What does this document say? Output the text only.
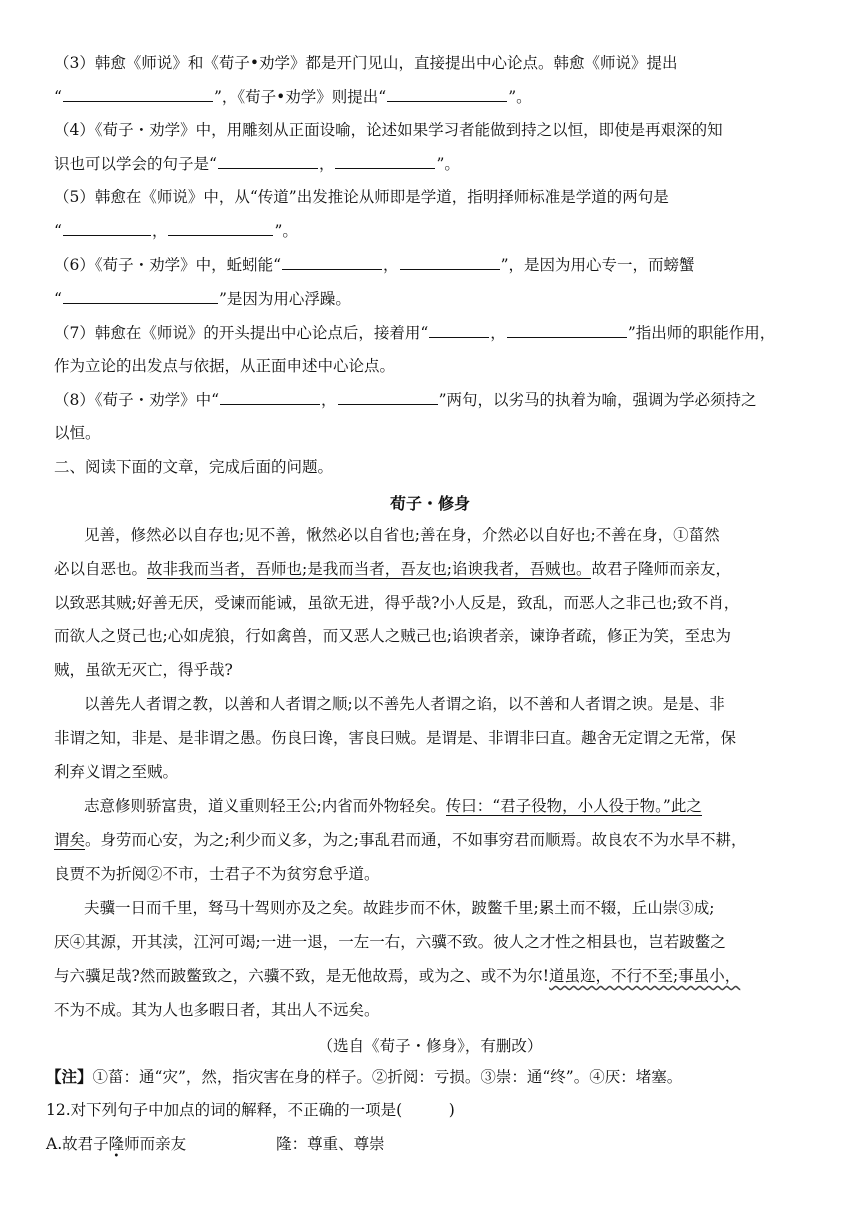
（3）韩愈《师说》和《荀子•劝学》都是开门见山，直接提出中心论点。韩愈《师说》提出
“	”，《荀子•劝学》则提出“	”。
（4）《荀子・劝学》中，用雕刻从正面设喻，论述如果学习者能做到持之以恒，即使是再艰深的知
识也可以学会的句子是“	，	”。
（5）韩愈在《师说》中，从“传道”出发推论从师即是学道，指明择师标准是学道的两句是
“	，	”。
（6）《荀子・劝学》中，蚯蚓能“	，	”，是因为用心专一，而螃蟹
“	”是因为用心浮躁。
（7）韩愈在《师说》的开头提出中心论点后，接着用“	，	”指出师的职能作用，
作为立论的出发点与依据，从正面申述中心论点。
（8）《荀子・劝学》中“	，	”两句，以劣马的执着为喻，强调为学必须持之
以恒。
二、阅读下面的文章，完成后面的问题。
荀子・修身
见善，修然必以自存也;见不善，愀然必以自省也;善在身，介然必以自好也;不善在身，①菑然
必以自恶也。故非我而当者，吾师也;是我而当者，吾友也;谄谀我者，吾贼也。故君子隆师而亲友，
以致恶其贼;好善无厌，受谏而能诫，虽欲无进，得乎哉?小人反是，致乱，而恶人之非己也;致不肖，
而欲人之贤己也;心如虎狼，行如禽兽，而又恶人之贼己也;谄谀者亲，谏诤者疏，修正为笑，至忠为
贼，虽欲无灭亡，得乎哉?
以善先人者谓之教，以善和人者谓之顺;以不善先人者谓之谄，以不善和人者谓之谀。是是、非
非谓之知，非是、是非谓之愚。伤良曰谗，害良曰贼。是谓是、非谓非曰直。趣舍无定谓之无常，保
利弃义谓之至贼。
志意修则骄富贵，道义重则轻王公;内省而外物轻矣。传曰：“君子役物，小人役于物。”此之
谓矣。身劳而心安，为之;利少而义多，为之;事乱君而通，不如事穷君而顺焉。故良农不为水旱不耕，
良贾不为折阅②不市，士君子不为贫穷怠乎道。
夫骥一日而千里，驽马十驾则亦及之矣。故跬步而不休，跛鳖千里;累土而不辍，丘山崇③成;
厌④其源，开其渎，江河可竭;一进一退，一左一右，六骥不致。彼人之才性之相县也，岂若跛鳖之
与六骥足哉?然而跛鳖致之，六骥不致，是无他故焉，或为之、或不为尔!道虽迩，不行不至;事虽小，
不为不成。其为人也多暇日者，其出人不远矣。
（选自《荀子・修身》，有删改）
【注】①菑：通“灾”，然，指灾害在身的样子。②折阅：亏损。③崇：通“终”。④厌：堵塞。
12.对下列句子中加点的词的解释，不正确的一项是(　　　)
A.故君子隆师而亲友	隆：尊重、尊崇
